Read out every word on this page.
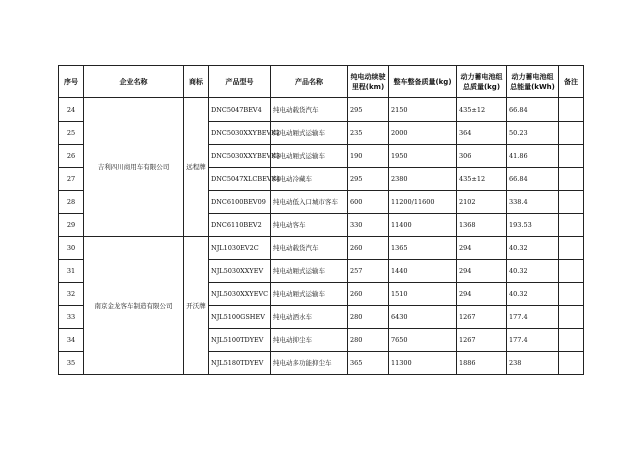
序号	企业名称	商标	产品型号	产品名称	纯电动续驶里程(km)	整车整备质量(kg)	动力蓄电池组总质量(kg)	动力蓄电池组总能量(kWh)	备注
24	吉利四川商用车有限公司	远程牌	DNC5047BEV4	纯电动载货汽车	295	2150	435±12	66.84	
25			DNC5030XXYBEVK2	纯电动厢式运输车	235	2000	364	50.23	
26			DNC5030XXYBEVK3	纯电动厢式运输车	190	1950	306	41.86	
27			DNC5047XLCBEVK4	纯电动冷藏车	295	2380	435±12	66.84	
28			DNC6100BEV09	纯电动低入口城市客车	600	11200/11600	2102	338.4	
29			DNC6110BEV2	纯电动客车	330	11400	1368	193.53	
30	南京金龙客车制造有限公司	开沃牌	NJL1030EV2C	纯电动载货汽车	260	1365	294	40.32	
31			NJL5030XXYEV	纯电动厢式运输车	257	1440	294	40.32	
32			NJL5030XXYEVC	纯电动厢式运输车	260	1510	294	40.32	
33			NJL5100GSHEV	纯电动洒水车	280	6430	1267	177.4	
34			NJL5100TDYEV	纯电动抑尘车	280	7650	1267	177.4	
35			NJL5180TDYEV	纯电动多功能抑尘车	365	11300	1886	238	
